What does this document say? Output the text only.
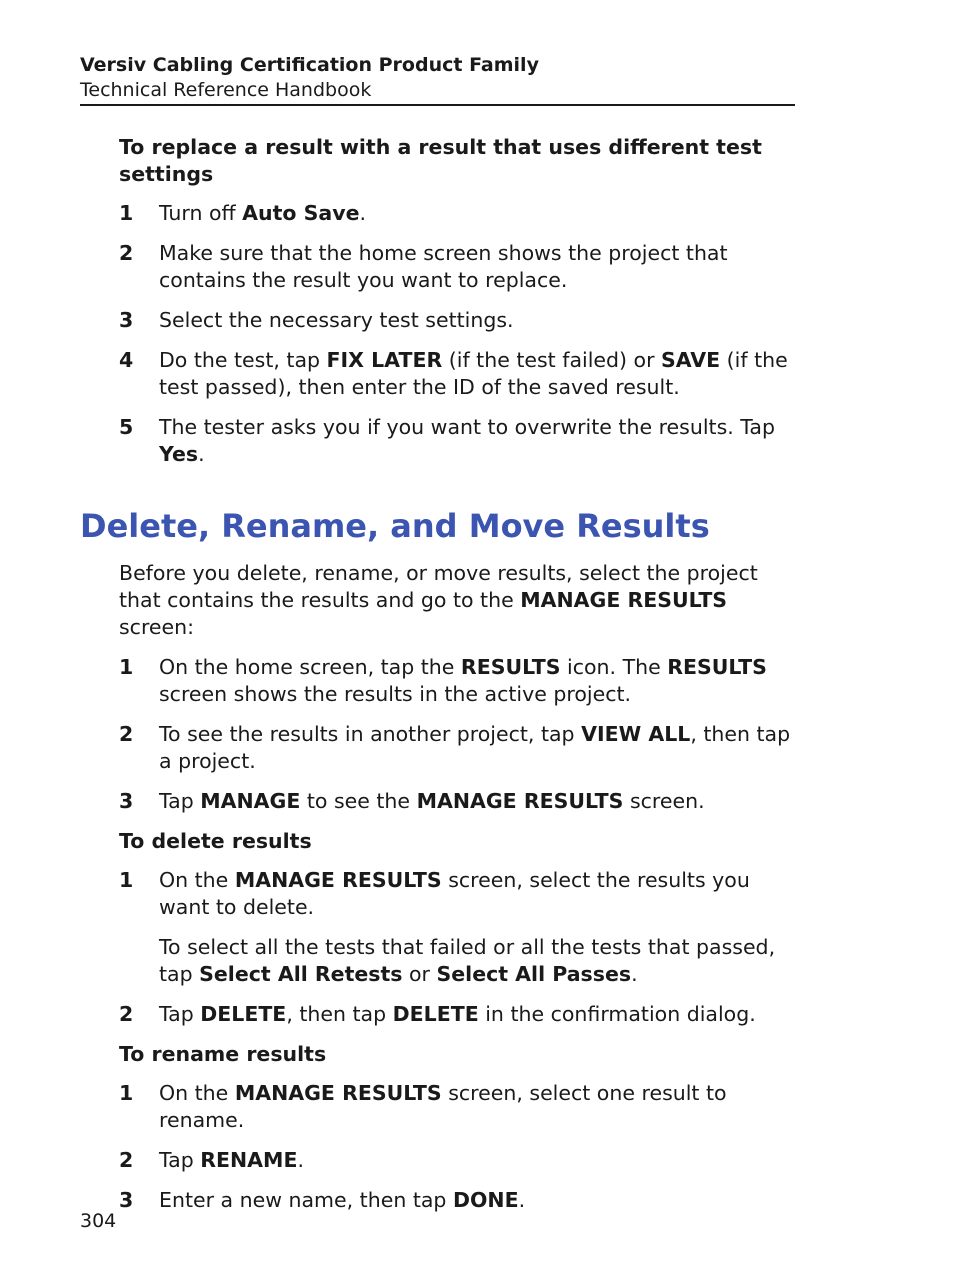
Versiv Cabling Certification Product Family
Technical Reference Handbook
To replace a result with a result that uses different test settings
1	Turn off Auto Save.
2	Make sure that the home screen shows the project that contains the result you want to replace.
3	Select the necessary test settings.
4	Do the test, tap FIX LATER (if the test failed) or SAVE (if the test passed), then enter the ID of the saved result.
5	The tester asks you if you want to overwrite the results. Tap Yes.
Delete, Rename, and Move Results
Before you delete, rename, or move results, select the project that contains the results and go to the MANAGE RESULTS screen:
1	On the home screen, tap the RESULTS icon. The RESULTS screen shows the results in the active project.
2	To see the results in another project, tap VIEW ALL, then tap a project.
3	Tap MANAGE to see the MANAGE RESULTS screen.
To delete results
1	On the MANAGE RESULTS screen, select the results you want to delete.
To select all the tests that failed or all the tests that passed, tap Select All Retests or Select All Passes.
2	Tap DELETE, then tap DELETE in the confirmation dialog.
To rename results
1	On the MANAGE RESULTS screen, select one result to rename.
2	Tap RENAME.
3	Enter a new name, then tap DONE.
304
